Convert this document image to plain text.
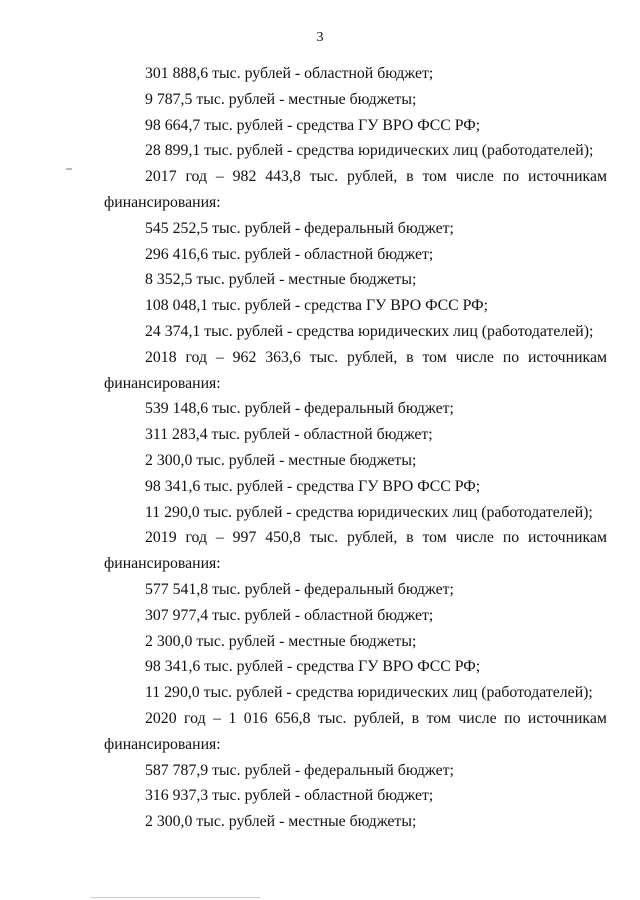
3
301 888,6 тыс. рублей - областной бюджет;
9 787,5 тыс. рублей - местные бюджеты;
98 664,7 тыс. рублей - средства ГУ ВРО ФСС РФ;
28 899,1 тыс. рублей - средства юридических лиц (работодателей);
2017 год – 982 443,8 тыс. рублей, в том числе по источникам
финансирования:
545 252,5 тыс. рублей - федеральный бюджет;
296 416,6 тыс. рублей - областной бюджет;
8 352,5 тыс. рублей - местные бюджеты;
108 048,1 тыс. рублей - средства ГУ ВРО ФСС РФ;
24 374,1 тыс. рублей - средства юридических лиц (работодателей);
2018 год – 962 363,6 тыс. рублей, в том числе по источникам
финансирования:
539 148,6 тыс. рублей - федеральный бюджет;
311 283,4 тыс. рублей - областной бюджет;
2 300,0 тыс. рублей - местные бюджеты;
98 341,6 тыс. рублей - средства ГУ ВРО ФСС РФ;
11 290,0 тыс. рублей - средства юридических лиц (работодателей);
2019 год – 997 450,8 тыс. рублей, в том числе по источникам
финансирования:
577 541,8 тыс. рублей - федеральный бюджет;
307 977,4 тыс. рублей - областной бюджет;
2 300,0 тыс. рублей - местные бюджеты;
98 341,6 тыс. рублей - средства ГУ ВРО ФСС РФ;
11 290,0 тыс. рублей - средства юридических лиц (работодателей);
2020 год – 1 016 656,8 тыс. рублей, в том числе по источникам
финансирования:
587 787,9 тыс. рублей - федеральный бюджет;
316 937,3 тыс. рублей - областной бюджет;
2 300,0 тыс. рублей - местные бюджеты;
